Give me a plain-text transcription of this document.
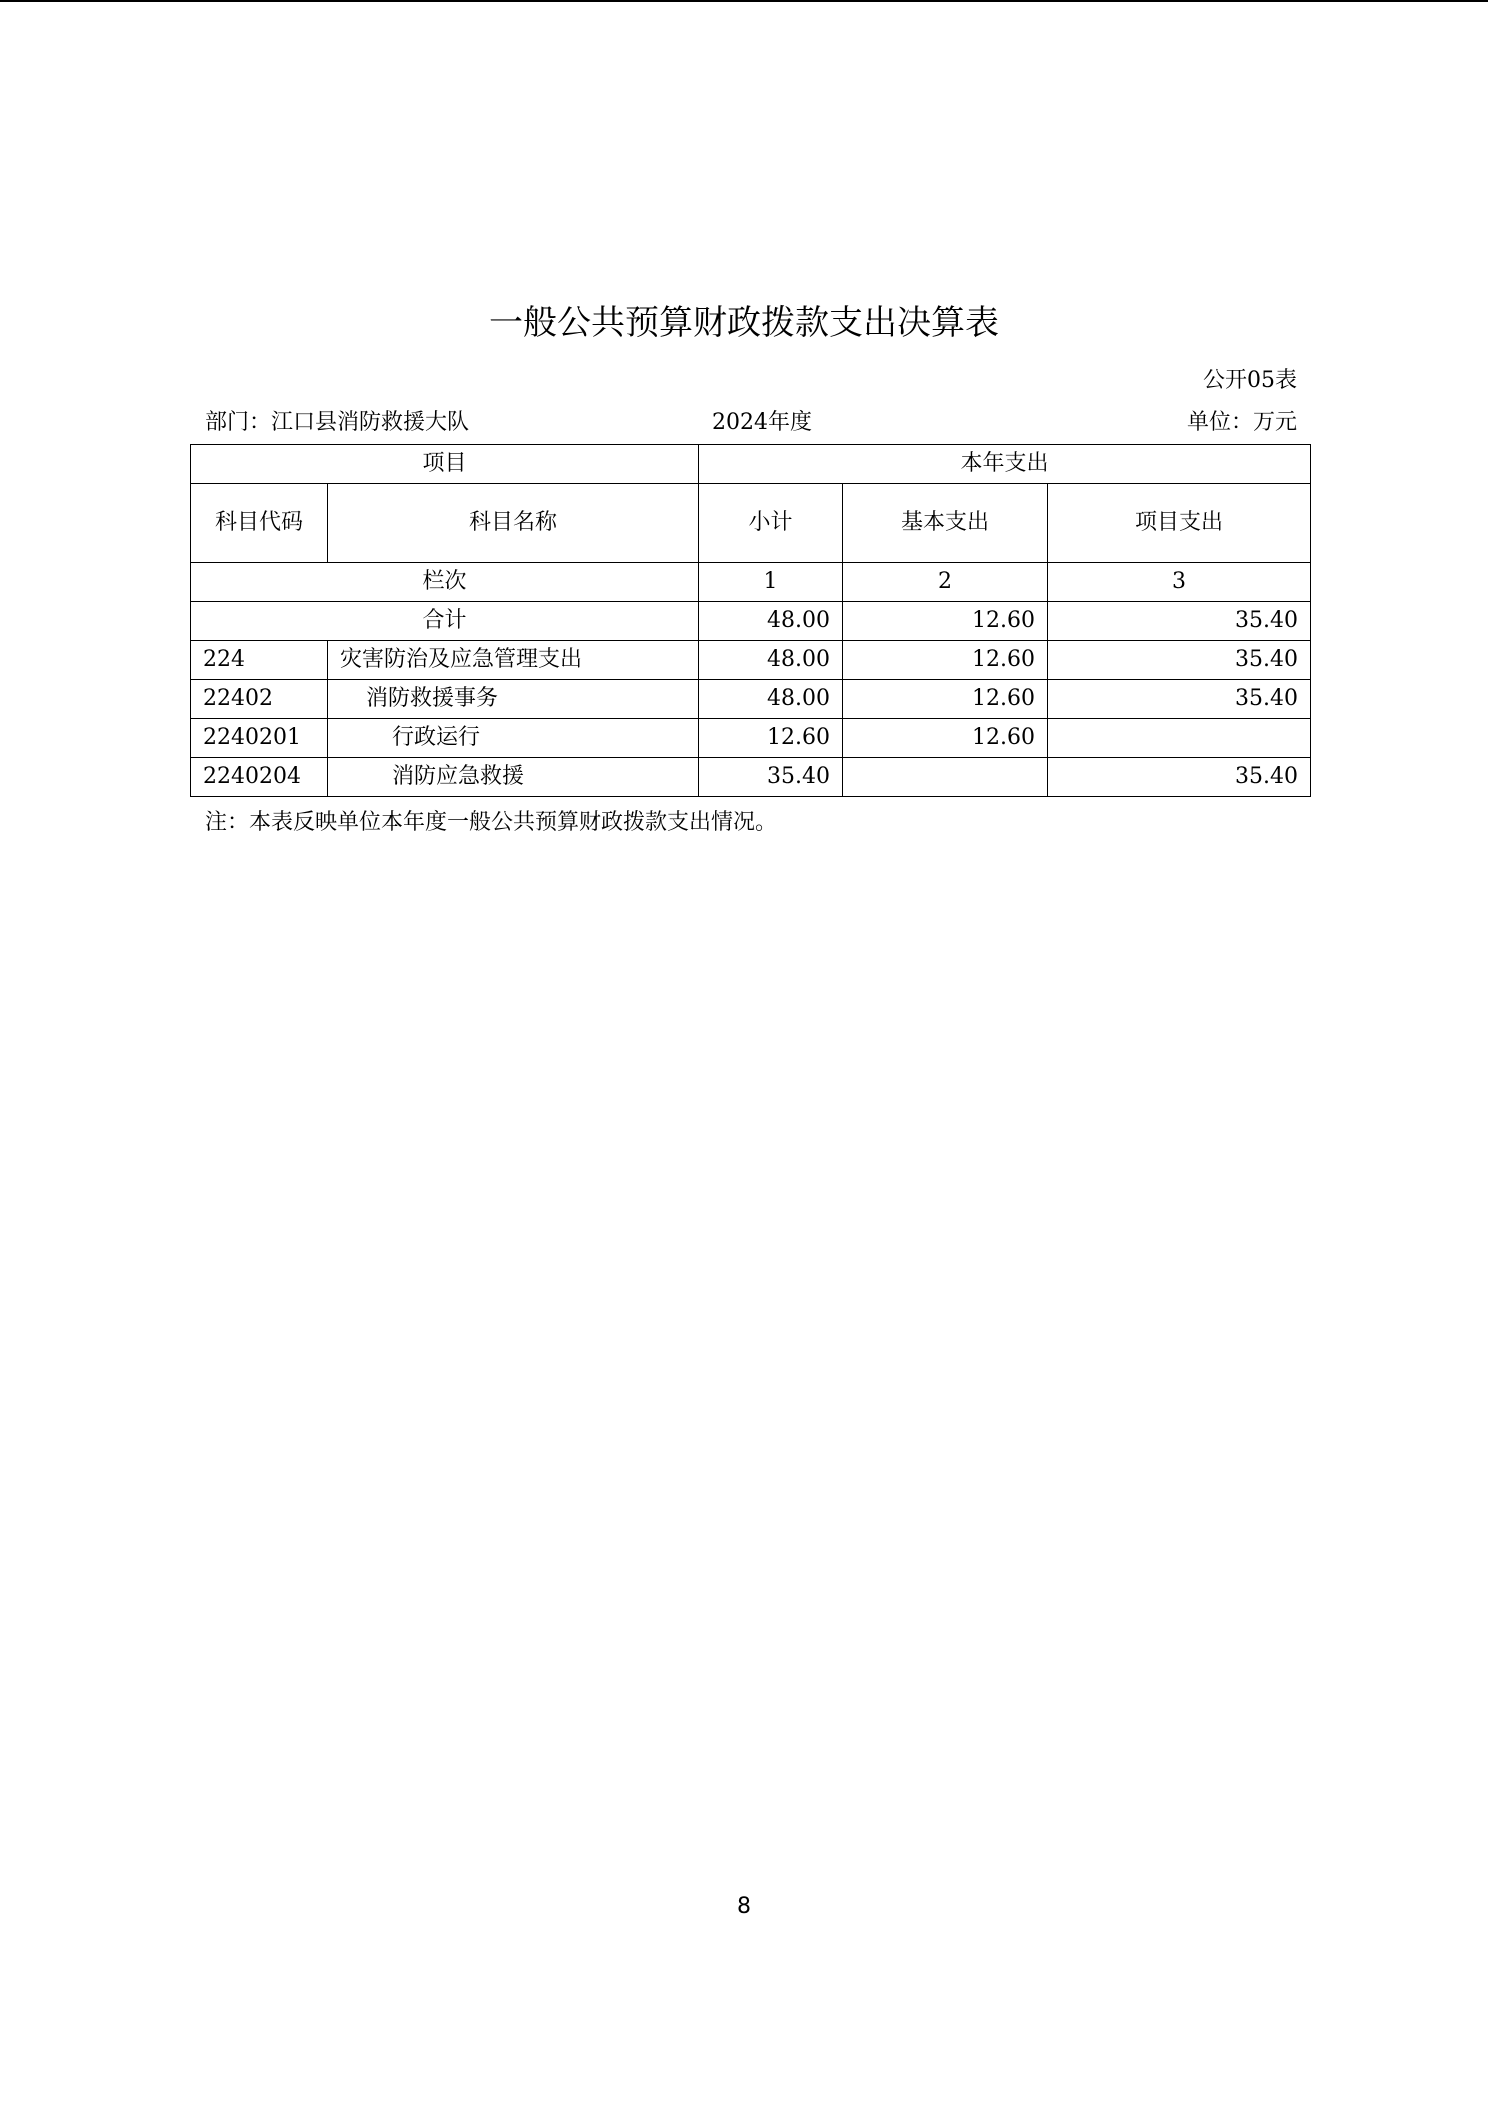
一般公共预算财政拨款支出决算表
公开05表
部门：江口县消防救援大队	2024年度	单位：万元
项目		本年支出		
科目代码	科目名称	小计	基本支出	项目支出
栏次		1	2	3
合计		48.00	12.60	35.40
224	灾害防治及应急管理支出	48.00	12.60	35.40
22402	消防救援事务	48.00	12.60	35.40
2240201	行政运行	12.60	12.60	
2240204	消防应急救援	35.40		35.40
注：本表反映单位本年度一般公共预算财政拨款支出情况。
8
